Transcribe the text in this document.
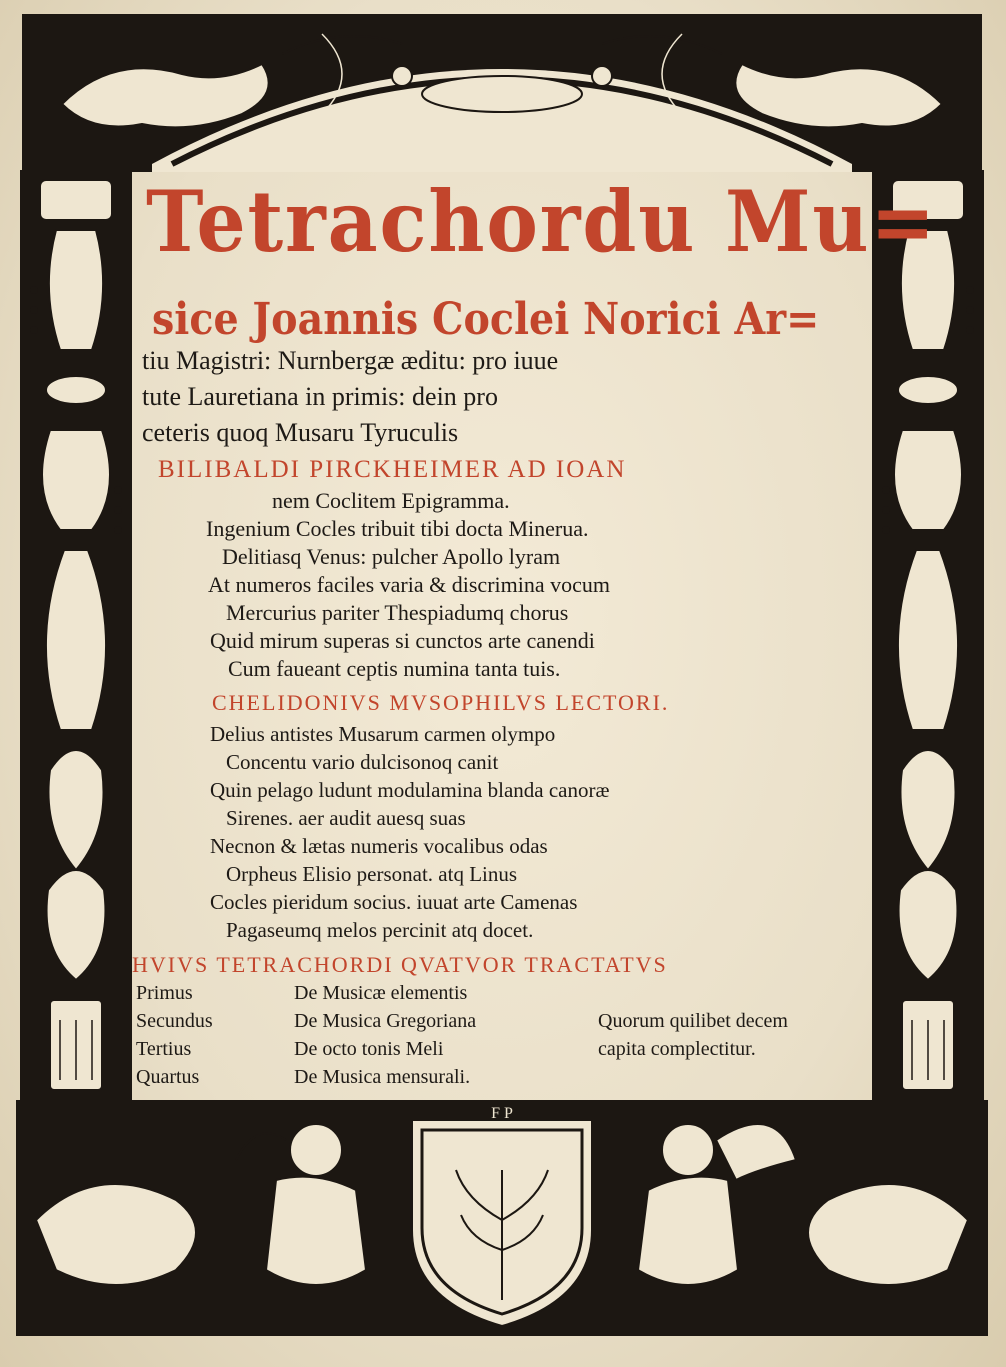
F P
Tetrachordu Mu=
sice Joannis Coclei Norici Ar=
tiu Magistri: Nurnbergæ æditu: pro iuue
tute Lauretiana in primis: dein pro
ceteris quoq Musaru Tyruculis
BILIBALDI PIRCKHEIMER AD IOAN
nem Coclitem Epigramma.
Ingenium Cocles tribuit tibi docta Minerua.
Delitiasq Venus: pulcher Apollo lyram
At numeros faciles varia & discrimina vocum
Mercurius pariter Thespiadumq chorus
Quid mirum superas si cunctos arte canendi
Cum faueant ceptis numina tanta tuis.
CHELIDONIVS MVSOPHILVS LECTORI.
Delius antistes Musarum carmen olympo
Concentu vario dulcisonoq canit
Quin pelago ludunt modulamina blanda canoræ
Sirenes. aer audit auesq suas
Necnon & lætas numeris vocalibus odas
Orpheus Elisio personat. atq Linus
Cocles pieridum socius. iuuat arte Camenas
Pagaseumq melos percinit atq docet.
HVIVS TETRACHORDI QVATVOR TRACTATVS
Primus	De Musicæ elementis
Secundus	De Musica Gregoriana	Quorum quilibet decem
Tertius	De octo tonis Meli	capita complectitur.
Quartus	De Musica mensurali.
